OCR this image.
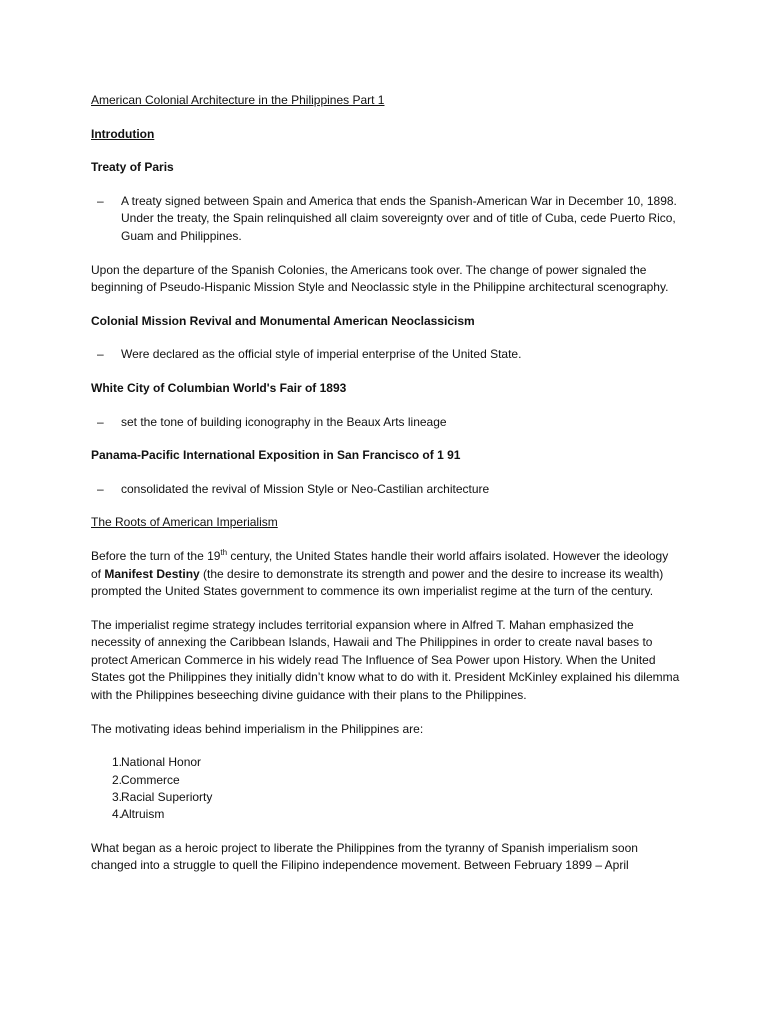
American Colonial Architecture in the Philippines Part 1

Introdution

Treaty of Paris

–	A treaty signed between Spain and America that ends the Spanish-American War in December 10, 1898. Under the treaty, the Spain relinquished all claim sovereignty over and of title of Cuba, cede Puerto Rico, Guam and Philippines.

Upon the departure of the Spanish Colonies, the Americans took over. The change of power signaled the beginning of Pseudo-Hispanic Mission Style and Neoclassic style in the Philippine architectural scenography.

Colonial Mission Revival and Monumental American Neoclassicism

–	Were declared as the official style of imperial enterprise of the United State.

White City of Columbian World's Fair of 1893

–	set the tone of building iconography in the Beaux Arts lineage

Panama-Pacific International Exposition in San Francisco of 1 91

–	consolidated the revival of Mission Style or Neo-Castilian architecture

The Roots of American Imperialism

Before the turn of the 19th century, the United States handle their world affairs isolated. However the ideology of Manifest Destiny (the desire to demonstrate its strength and power and the desire to increase its wealth) prompted the United States government to commence its own imperialist regime at the turn of the century.

The imperialist regime strategy includes territorial expansion where in Alfred T. Mahan emphasized the necessity of annexing the Caribbean Islands, Hawaii and The Philippines in order to create naval bases to protect American Commerce in his widely read The Influence of Sea Power upon History. When the United States got the Philippines they initially didn’t know what to do with it. President McKinley explained his dilemma with the Philippines beseeching divine guidance with their plans to the Philippines.

The motivating ideas behind imperialism in the Philippines are:

1.
National Honor
2.
Commerce
3.
Racial Superiorty
4.
Altruism

What began as a heroic project to liberate the Philippines from the tyranny of Spanish imperialism soon changed into a struggle to quell the Filipino independence movement. Between February 1899 – April
